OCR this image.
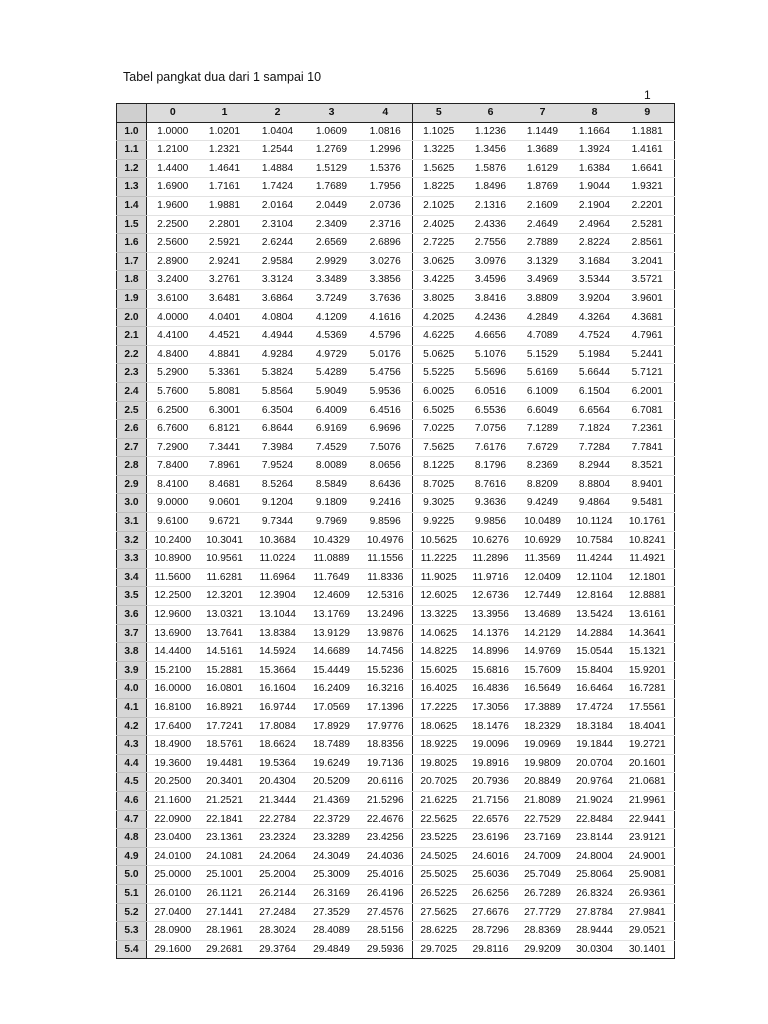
Tabel pangkat dua dari 1 sampai 10
1
	0	1	2	3	4	5	6	7	8	9
1.0	1.0000	1.0201	1.0404	1.0609	1.0816	1.1025	1.1236	1.1449	1.1664	1.1881
1.1	1.2100	1.2321	1.2544	1.2769	1.2996	1.3225	1.3456	1.3689	1.3924	1.4161
1.2	1.4400	1.4641	1.4884	1.5129	1.5376	1.5625	1.5876	1.6129	1.6384	1.6641
1.3	1.6900	1.7161	1.7424	1.7689	1.7956	1.8225	1.8496	1.8769	1.9044	1.9321
1.4	1.9600	1.9881	2.0164	2.0449	2.0736	2.1025	2.1316	2.1609	2.1904	2.2201
1.5	2.2500	2.2801	2.3104	2.3409	2.3716	2.4025	2.4336	2.4649	2.4964	2.5281
1.6	2.5600	2.5921	2.6244	2.6569	2.6896	2.7225	2.7556	2.7889	2.8224	2.8561
1.7	2.8900	2.9241	2.9584	2.9929	3.0276	3.0625	3.0976	3.1329	3.1684	3.2041
1.8	3.2400	3.2761	3.3124	3.3489	3.3856	3.4225	3.4596	3.4969	3.5344	3.5721
1.9	3.6100	3.6481	3.6864	3.7249	3.7636	3.8025	3.8416	3.8809	3.9204	3.9601
2.0	4.0000	4.0401	4.0804	4.1209	4.1616	4.2025	4.2436	4.2849	4.3264	4.3681
2.1	4.4100	4.4521	4.4944	4.5369	4.5796	4.6225	4.6656	4.7089	4.7524	4.7961
2.2	4.8400	4.8841	4.9284	4.9729	5.0176	5.0625	5.1076	5.1529	5.1984	5.2441
2.3	5.2900	5.3361	5.3824	5.4289	5.4756	5.5225	5.5696	5.6169	5.6644	5.7121
2.4	5.7600	5.8081	5.8564	5.9049	5.9536	6.0025	6.0516	6.1009	6.1504	6.2001
2.5	6.2500	6.3001	6.3504	6.4009	6.4516	6.5025	6.5536	6.6049	6.6564	6.7081
2.6	6.7600	6.8121	6.8644	6.9169	6.9696	7.0225	7.0756	7.1289	7.1824	7.2361
2.7	7.2900	7.3441	7.3984	7.4529	7.5076	7.5625	7.6176	7.6729	7.7284	7.7841
2.8	7.8400	7.8961	7.9524	8.0089	8.0656	8.1225	8.1796	8.2369	8.2944	8.3521
2.9	8.4100	8.4681	8.5264	8.5849	8.6436	8.7025	8.7616	8.8209	8.8804	8.9401
3.0	9.0000	9.0601	9.1204	9.1809	9.2416	9.3025	9.3636	9.4249	9.4864	9.5481
3.1	9.6100	9.6721	9.7344	9.7969	9.8596	9.9225	9.9856	10.0489	10.1124	10.1761
3.2	10.2400	10.3041	10.3684	10.4329	10.4976	10.5625	10.6276	10.6929	10.7584	10.8241
3.3	10.8900	10.9561	11.0224	11.0889	11.1556	11.2225	11.2896	11.3569	11.4244	11.4921
3.4	11.5600	11.6281	11.6964	11.7649	11.8336	11.9025	11.9716	12.0409	12.1104	12.1801
3.5	12.2500	12.3201	12.3904	12.4609	12.5316	12.6025	12.6736	12.7449	12.8164	12.8881
3.6	12.9600	13.0321	13.1044	13.1769	13.2496	13.3225	13.3956	13.4689	13.5424	13.6161
3.7	13.6900	13.7641	13.8384	13.9129	13.9876	14.0625	14.1376	14.2129	14.2884	14.3641
3.8	14.4400	14.5161	14.5924	14.6689	14.7456	14.8225	14.8996	14.9769	15.0544	15.1321
3.9	15.2100	15.2881	15.3664	15.4449	15.5236	15.6025	15.6816	15.7609	15.8404	15.9201
4.0	16.0000	16.0801	16.1604	16.2409	16.3216	16.4025	16.4836	16.5649	16.6464	16.7281
4.1	16.8100	16.8921	16.9744	17.0569	17.1396	17.2225	17.3056	17.3889	17.4724	17.5561
4.2	17.6400	17.7241	17.8084	17.8929	17.9776	18.0625	18.1476	18.2329	18.3184	18.4041
4.3	18.4900	18.5761	18.6624	18.7489	18.8356	18.9225	19.0096	19.0969	19.1844	19.2721
4.4	19.3600	19.4481	19.5364	19.6249	19.7136	19.8025	19.8916	19.9809	20.0704	20.1601
4.5	20.2500	20.3401	20.4304	20.5209	20.6116	20.7025	20.7936	20.8849	20.9764	21.0681
4.6	21.1600	21.2521	21.3444	21.4369	21.5296	21.6225	21.7156	21.8089	21.9024	21.9961
4.7	22.0900	22.1841	22.2784	22.3729	22.4676	22.5625	22.6576	22.7529	22.8484	22.9441
4.8	23.0400	23.1361	23.2324	23.3289	23.4256	23.5225	23.6196	23.7169	23.8144	23.9121
4.9	24.0100	24.1081	24.2064	24.3049	24.4036	24.5025	24.6016	24.7009	24.8004	24.9001
5.0	25.0000	25.1001	25.2004	25.3009	25.4016	25.5025	25.6036	25.7049	25.8064	25.9081
5.1	26.0100	26.1121	26.2144	26.3169	26.4196	26.5225	26.6256	26.7289	26.8324	26.9361
5.2	27.0400	27.1441	27.2484	27.3529	27.4576	27.5625	27.6676	27.7729	27.8784	27.9841
5.3	28.0900	28.1961	28.3024	28.4089	28.5156	28.6225	28.7296	28.8369	28.9444	29.0521
5.4	29.1600	29.2681	29.3764	29.4849	29.5936	29.7025	29.8116	29.9209	30.0304	30.1401
